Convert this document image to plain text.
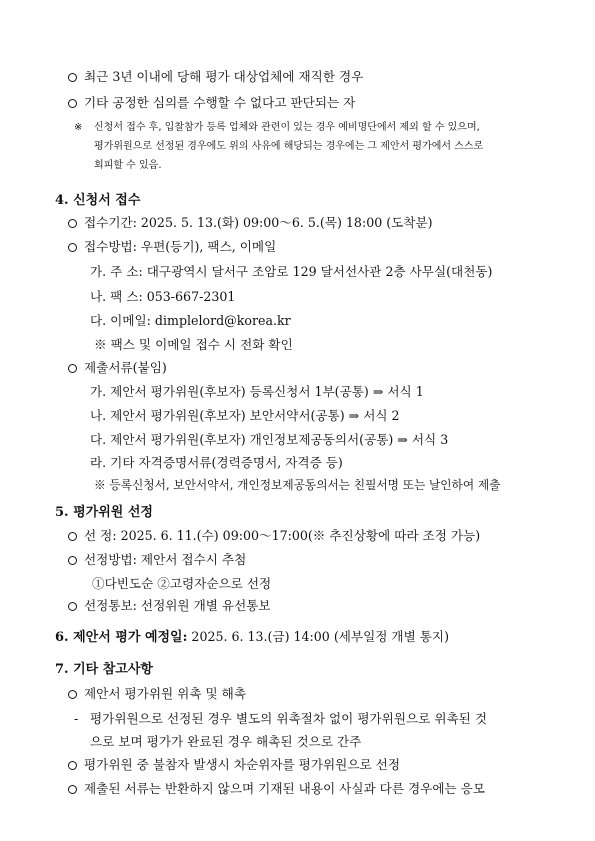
최근 3년 이내에 당해 평가 대상업체에 재직한 경우
기타 공정한 심의를 수행할 수 없다고 판단되는 자
※ 신청서 접수 후, 입찰참가 등록 업체와 관련이 있는 경우 예비명단에서 제외 할 수 있으며,
평가위원으로 선정된 경우에도 위의 사유에 해당되는 경우에는 그 제안서 평가에서 스스로
회피할 수 있음.
4. 신청서 접수
접수기간: 2025. 5. 13.(화) 09:00～6. 5.(목) 18:00 (도착분)
접수방법: 우편(등기), 팩스, 이메일
가. 주 소: 대구광역시 달서구 조암로 129 달서선사관 2층 사무실(대천동)
나. 팩 스: 053-667-2301
다. 이메일: dimplelord@korea.kr
※ 팩스 및 이메일 접수 시 전화 확인
제출서류(붙임)
가. 제안서 평가위원(후보자) 등록신청서 1부(공통) ⇒ 서식 1
나. 제안서 평가위원(후보자) 보안서약서(공통) ⇒ 서식 2
다. 제안서 평가위원(후보자) 개인정보제공동의서(공통) ⇒ 서식 3
라. 기타 자격증명서류(경력증명서, 자격증 등)
※ 등록신청서, 보안서약서, 개인정보제공동의서는 친필서명 또는 날인하여 제출
5. 평가위원 선정
선 정: 2025. 6. 11.(수) 09:00～17:00(※ 추진상황에 따라 조정 가능)
선정방법: 제안서 접수시 추첨
①다빈도순 ②고령자순으로 선정
선정통보: 선정위원 개별 유선통보
6. 제안서 평가 예정일: 2025. 6. 13.(금) 14:00 (세부일정 개별 통지)
7. 기타 참고사항
제안서 평가위원 위촉 및 해촉
- 평가위원으로 선정된 경우 별도의 위촉절차 없이 평가위원으로 위촉된 것
으로 보며 평가가 완료된 경우 해촉된 것으로 간주
평가위원 중 불참자 발생시 차순위자를 평가위원으로 선정
제출된 서류는 반환하지 않으며 기재된 내용이 사실과 다른 경우에는 응모
